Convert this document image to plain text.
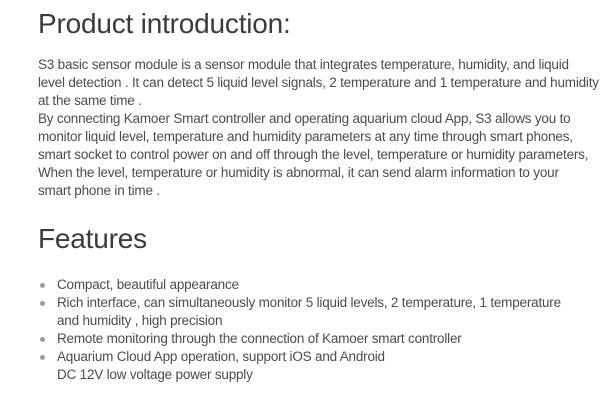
Product introduction:
S3 basic sensor module is a sensor module that integrates temperature, humidity, and liquid
level detection . It can detect 5 liquid level signals, 2 temperature and 1 temperature and humidity
at the same time .
By connecting Kamoer Smart controller and operating aquarium cloud App, S3 allows you to
monitor liquid level, temperature and humidity parameters at any time through smart phones,
smart socket to control power on and off through the level, temperature or humidity parameters,
When the level, temperature or humidity is abnormal, it can send alarm information to your
smart phone in time .
Features
Compact, beautiful appearance
Rich interface, can simultaneously monitor 5 liquid levels, 2 temperature, 1 temperature
and humidity , high precision
Remote monitoring through the connection of Kamoer smart controller
Aquarium Cloud App operation, support iOS and Android
DC 12V low voltage power supply
